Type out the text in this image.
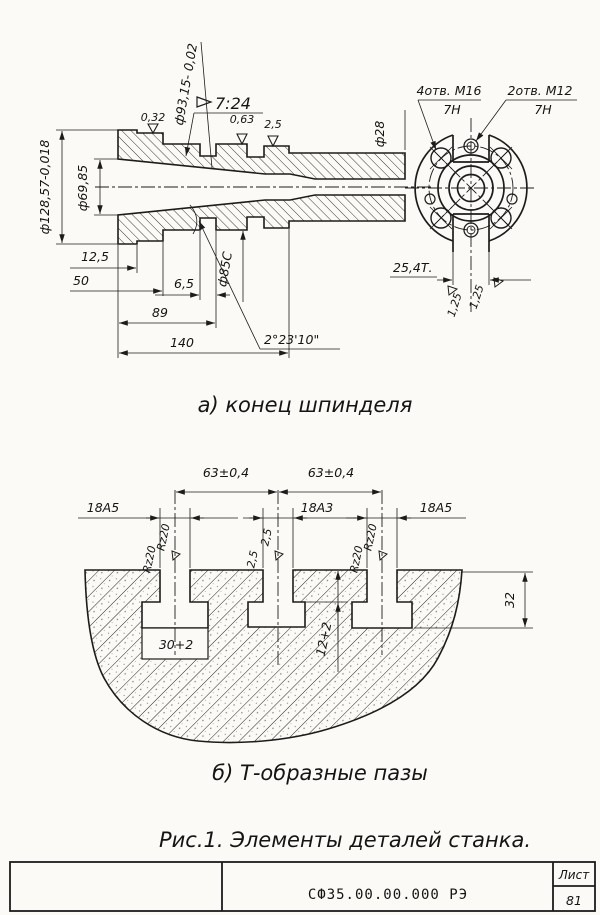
ф128,57-0,018 ф69,85
ф93,15- 0,02 7:24
0,32	0,63 2,5	ф28
ф85С
12,5
50	6,5
89
140	2°23'10"
4отв. М16
7Н
2отв. М12
7Н
25,4Т.
1,25 1,25
а) конец шпинделя
30+2
63±0,4	63±0,4
18А5	18А3	18А5
Rz20
Rz20
2,5
2,5
Rz20
Rz20
12+2
32
б) Т-образные пазы
Рис.1. Элементы деталей станка.
СФ35.00.00.000 РЭ
Лист
81
